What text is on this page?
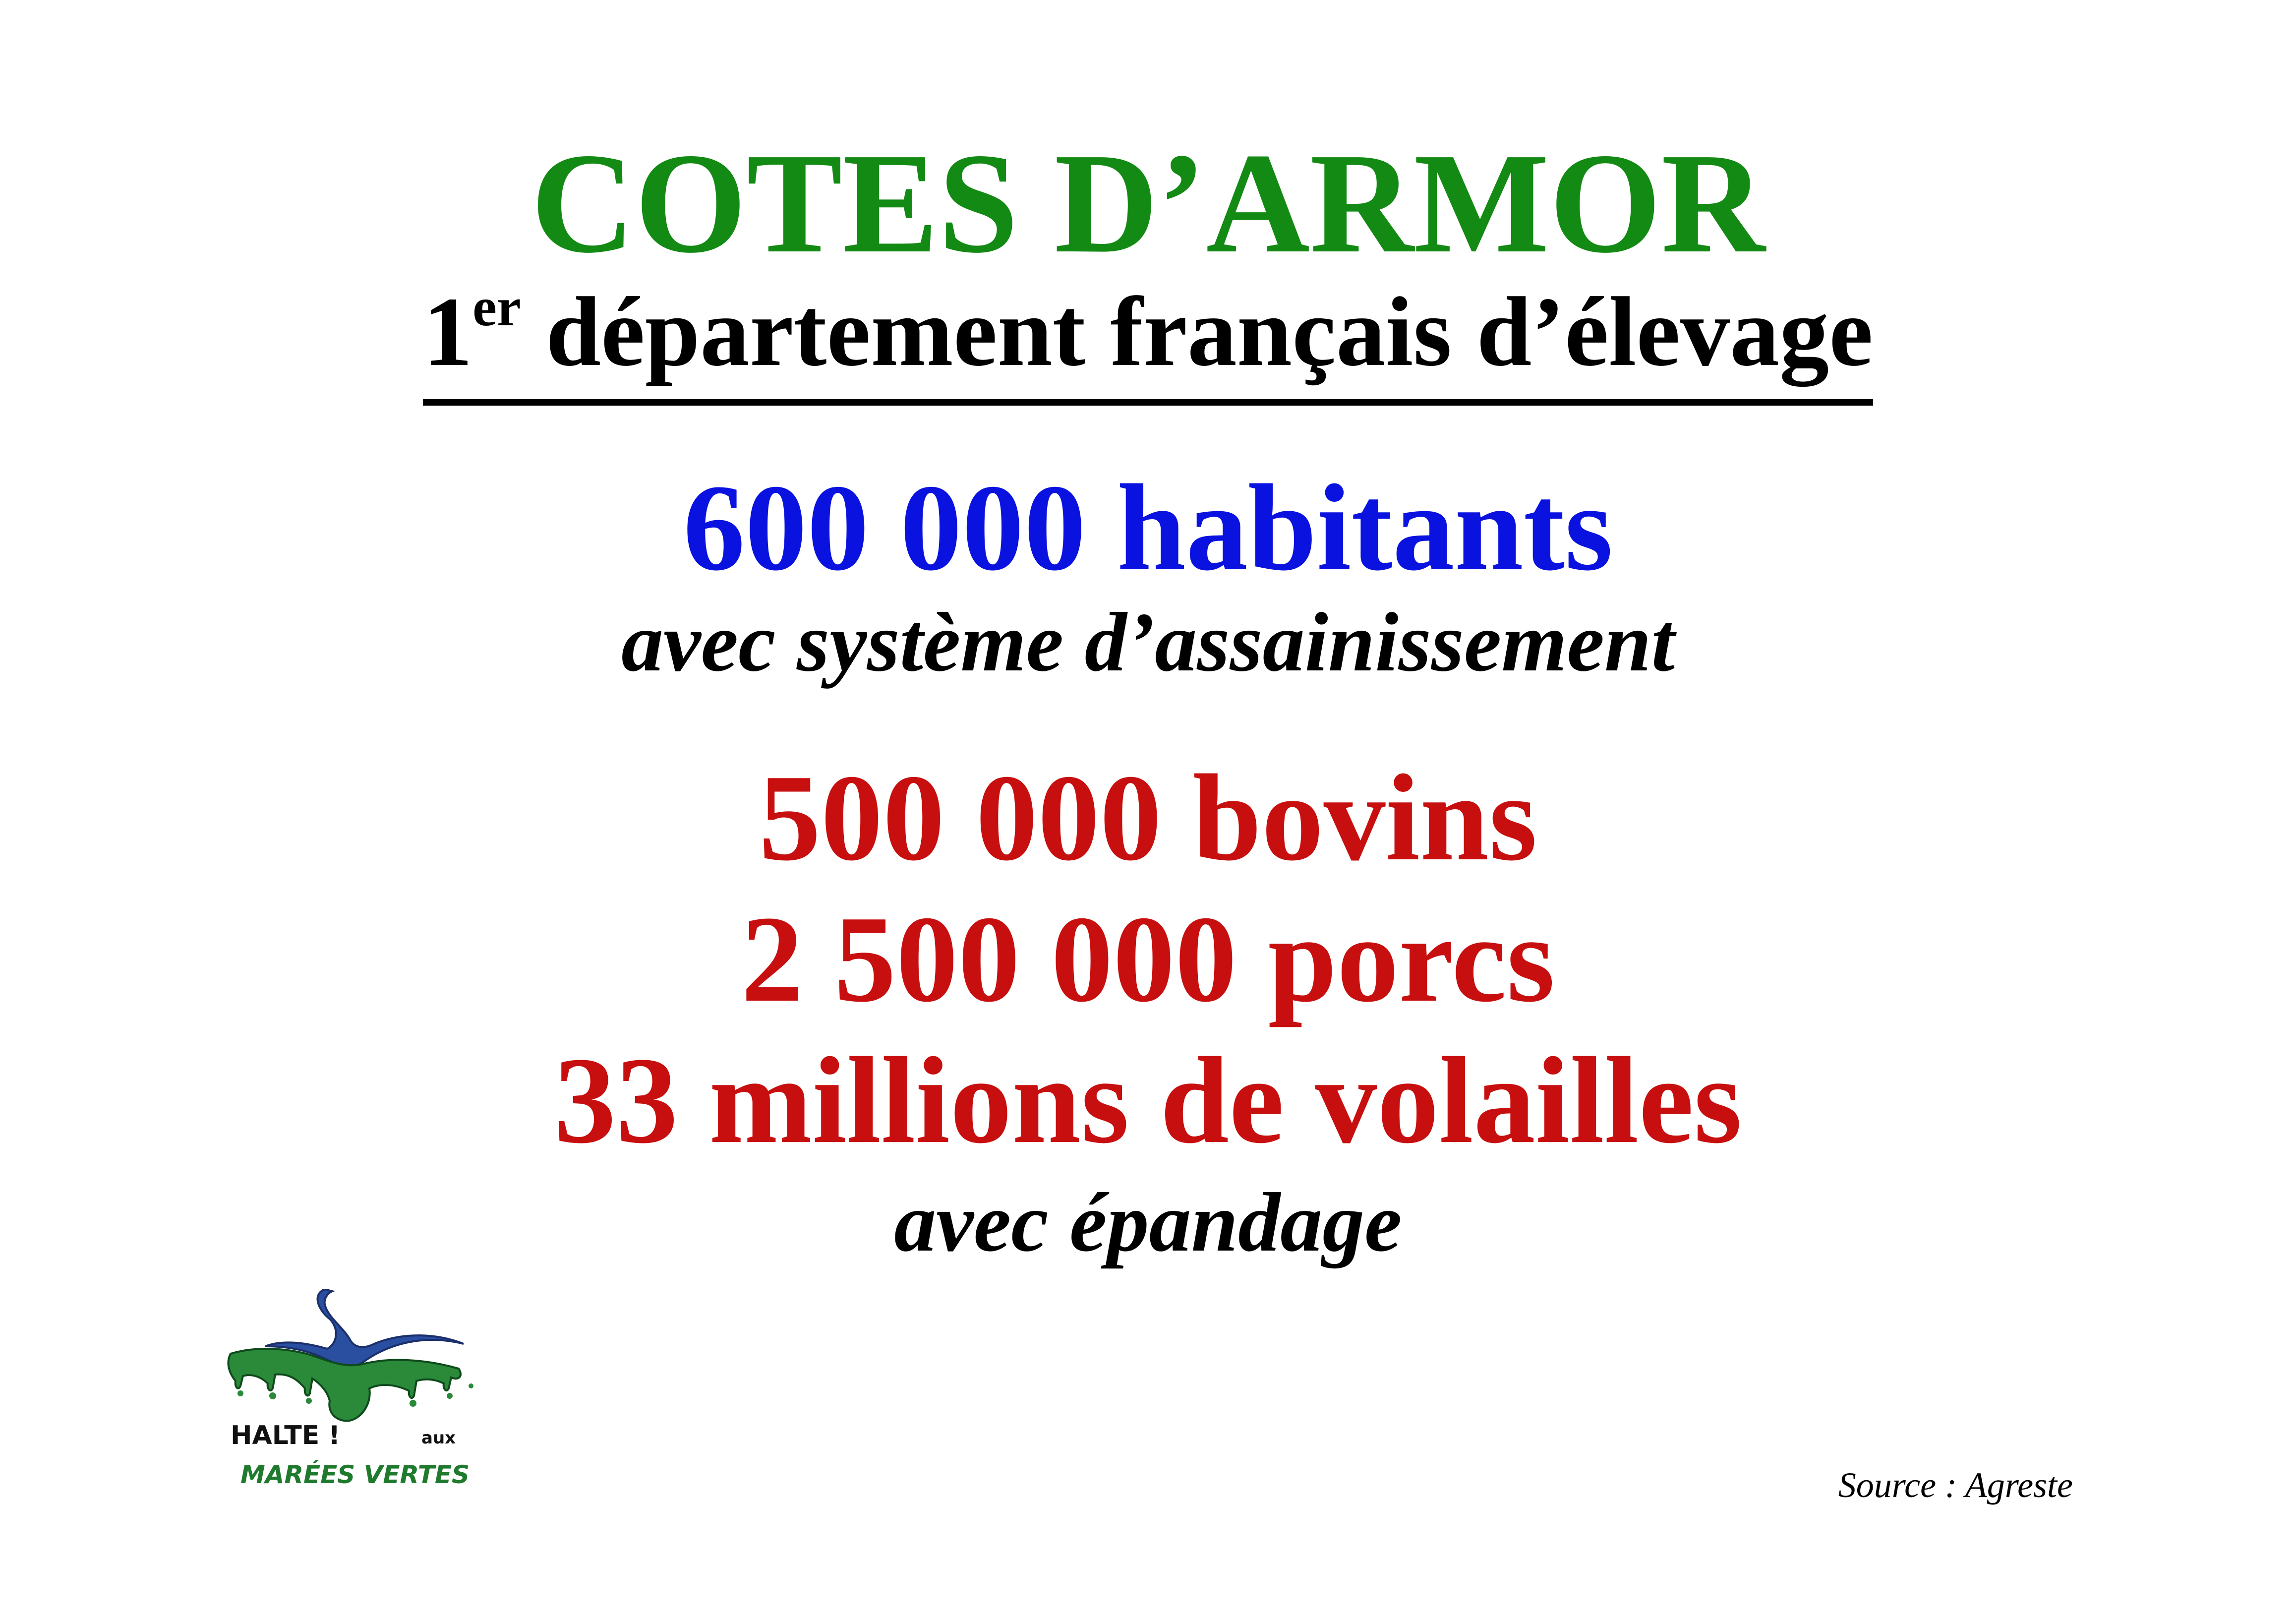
COTES D’ARMOR
1er département français d’élevage
600 000 habitants
avec système d’assainissement
500 000 bovins
2 500 000 porcs
33 millions de volailles
avec épandage
HALTE !	aux
MARÉES VERTES	Source : Agreste
